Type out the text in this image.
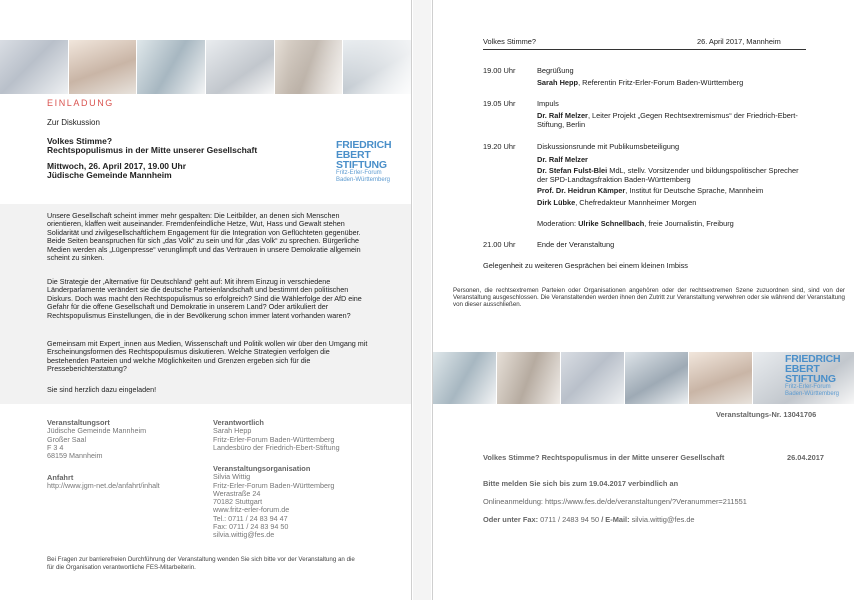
EINLADUNG
Zur Diskussion
Volkes Stimme?
Rechtspopulismus in der Mitte unserer Gesellschaft
Mittwoch, 26. April 2017, 19.00 Uhr
Jüdische Gemeinde Mannheim
FRIEDRICH
EBERT
STIFTUNG
Fritz-Erler-Forum
Baden-Württemberg
Unsere Gesellschaft scheint immer mehr gespalten: Die Leitbilder, an denen sich Menschen orientieren, klaffen weit auseinander. Fremdenfeindliche Hetze, Wut, Hass und Gewalt stehen Solidarität und zivilgesellschaftlichem Engagement für die Integration von Geflüchteten gegenüber. Beide Seiten beanspruchen für sich „das Volk“ zu sein und für „das Volk“ zu sprechen. Bürgerliche Medien werden als „Lügenpresse“ verunglimpft und das Vertrauen in unsere Demokratie allgemein scheint zu sinken.
Die Strategie der ‚Alternative für Deutschland‘ geht auf: Mit ihrem Einzug in verschiedene Länderparlamente verändert sie die deutsche Parteienlandschaft und bestimmt den politischen Diskurs. Doch was macht den Rechtspopulismus so erfolgreich? Sind die Wählerfolge der AfD eine Gefahr für die offene Gesellschaft und Demokratie in unserem Land? Oder artikuliert der Rechtspopulismus Einstellungen, die in der Bevölkerung schon immer latent vorhanden waren?
Gemeinsam mit Expert_innen aus Medien, Wissenschaft und Politik wollen wir über den Umgang mit Erscheinungsformen des Rechtspopulismus diskutieren. Welche Strategien verfolgen die bestehenden Parteien und welche Möglichkeiten und Grenzen ergeben sich für die Presseberichterstattung?
Sie sind herzlich dazu eingeladen!
Veranstaltungsort
Jüdische Gemeinde Mannheim
Großer Saal
F 3 4
68159 Mannheim
Anfahrt
http://www.jgm-net.de/anfahrt/inhalt
Verantwortlich
Sarah Hepp
Fritz-Erler-Forum Baden-Württemberg
Landesbüro der Friedrich-Ebert-Stiftung
Veranstaltungsorganisation
Silvia Wittig
Fritz-Erler-Forum Baden-Württemberg
Werastraße 24
70182 Stuttgart
www.fritz-erler-forum.de
Tel.: 0711 / 24 83 94 47
Fax: 0711 / 24 83 94 50
silvia.wittig@fes.de
Bei Fragen zur barrierefreien Durchführung der Veranstaltung wenden Sie sich bitte vor der Veranstaltung an die für die Organisation verantwortliche FES-Mitarbeiterin.
Volkes Stimme?	26. April 2017, Mannheim
19.00 Uhr	Begrüßung
Sarah Hepp, Referentin Fritz-Erler-Forum Baden-Württemberg
19.05 Uhr	Impuls
Dr. Ralf Melzer, Leiter Projekt „Gegen Rechtsextremismus“ der Friedrich-Ebert-Stiftung, Berlin
19.20 Uhr	Diskussionsrunde mit Publikumsbeteiligung
Dr. Ralf Melzer
Dr. Stefan Fulst-Blei MdL, stellv. Vorsitzender und bildungspolitischer Sprecher der SPD-Landtagsfraktion Baden-Württemberg
Prof. Dr. Heidrun Kämper, Institut für Deutsche Sprache, Mannheim
Dirk Lübke, Chefredakteur Mannheimer Morgen
Moderation: Ulrike Schnellbach, freie Journalistin, Freiburg
21.00 Uhr	Ende der Veranstaltung
Gelegenheit zu weiteren Gesprächen bei einem kleinen Imbiss
Personen, die rechtsextremen Parteien oder Organisationen angehören oder der rechtsextremen Szene zuzuordnen sind, sind von der Veranstaltung ausgeschlossen. Die Veranstaltenden werden ihnen den Zutritt zur Veranstaltung verwehren oder sie während der Veranstaltung von dieser ausschließen.
FRIEDRICH
EBERT
STIFTUNG
Fritz-Erler-Forum
Baden-Württemberg
Veranstaltungs-Nr. 13041706
Volkes Stimme? Rechtspopulismus in der Mitte unserer Gesellschaft	26.04.2017
Bitte melden Sie sich bis zum 19.04.2017 verbindlich an
Onlineanmeldung: https://www.fes.de/de/veranstaltungen/?Veranummer=211551
Oder unter Fax: 0711 / 2483 94 50 / E-Mail: silvia.wittig@fes.de
